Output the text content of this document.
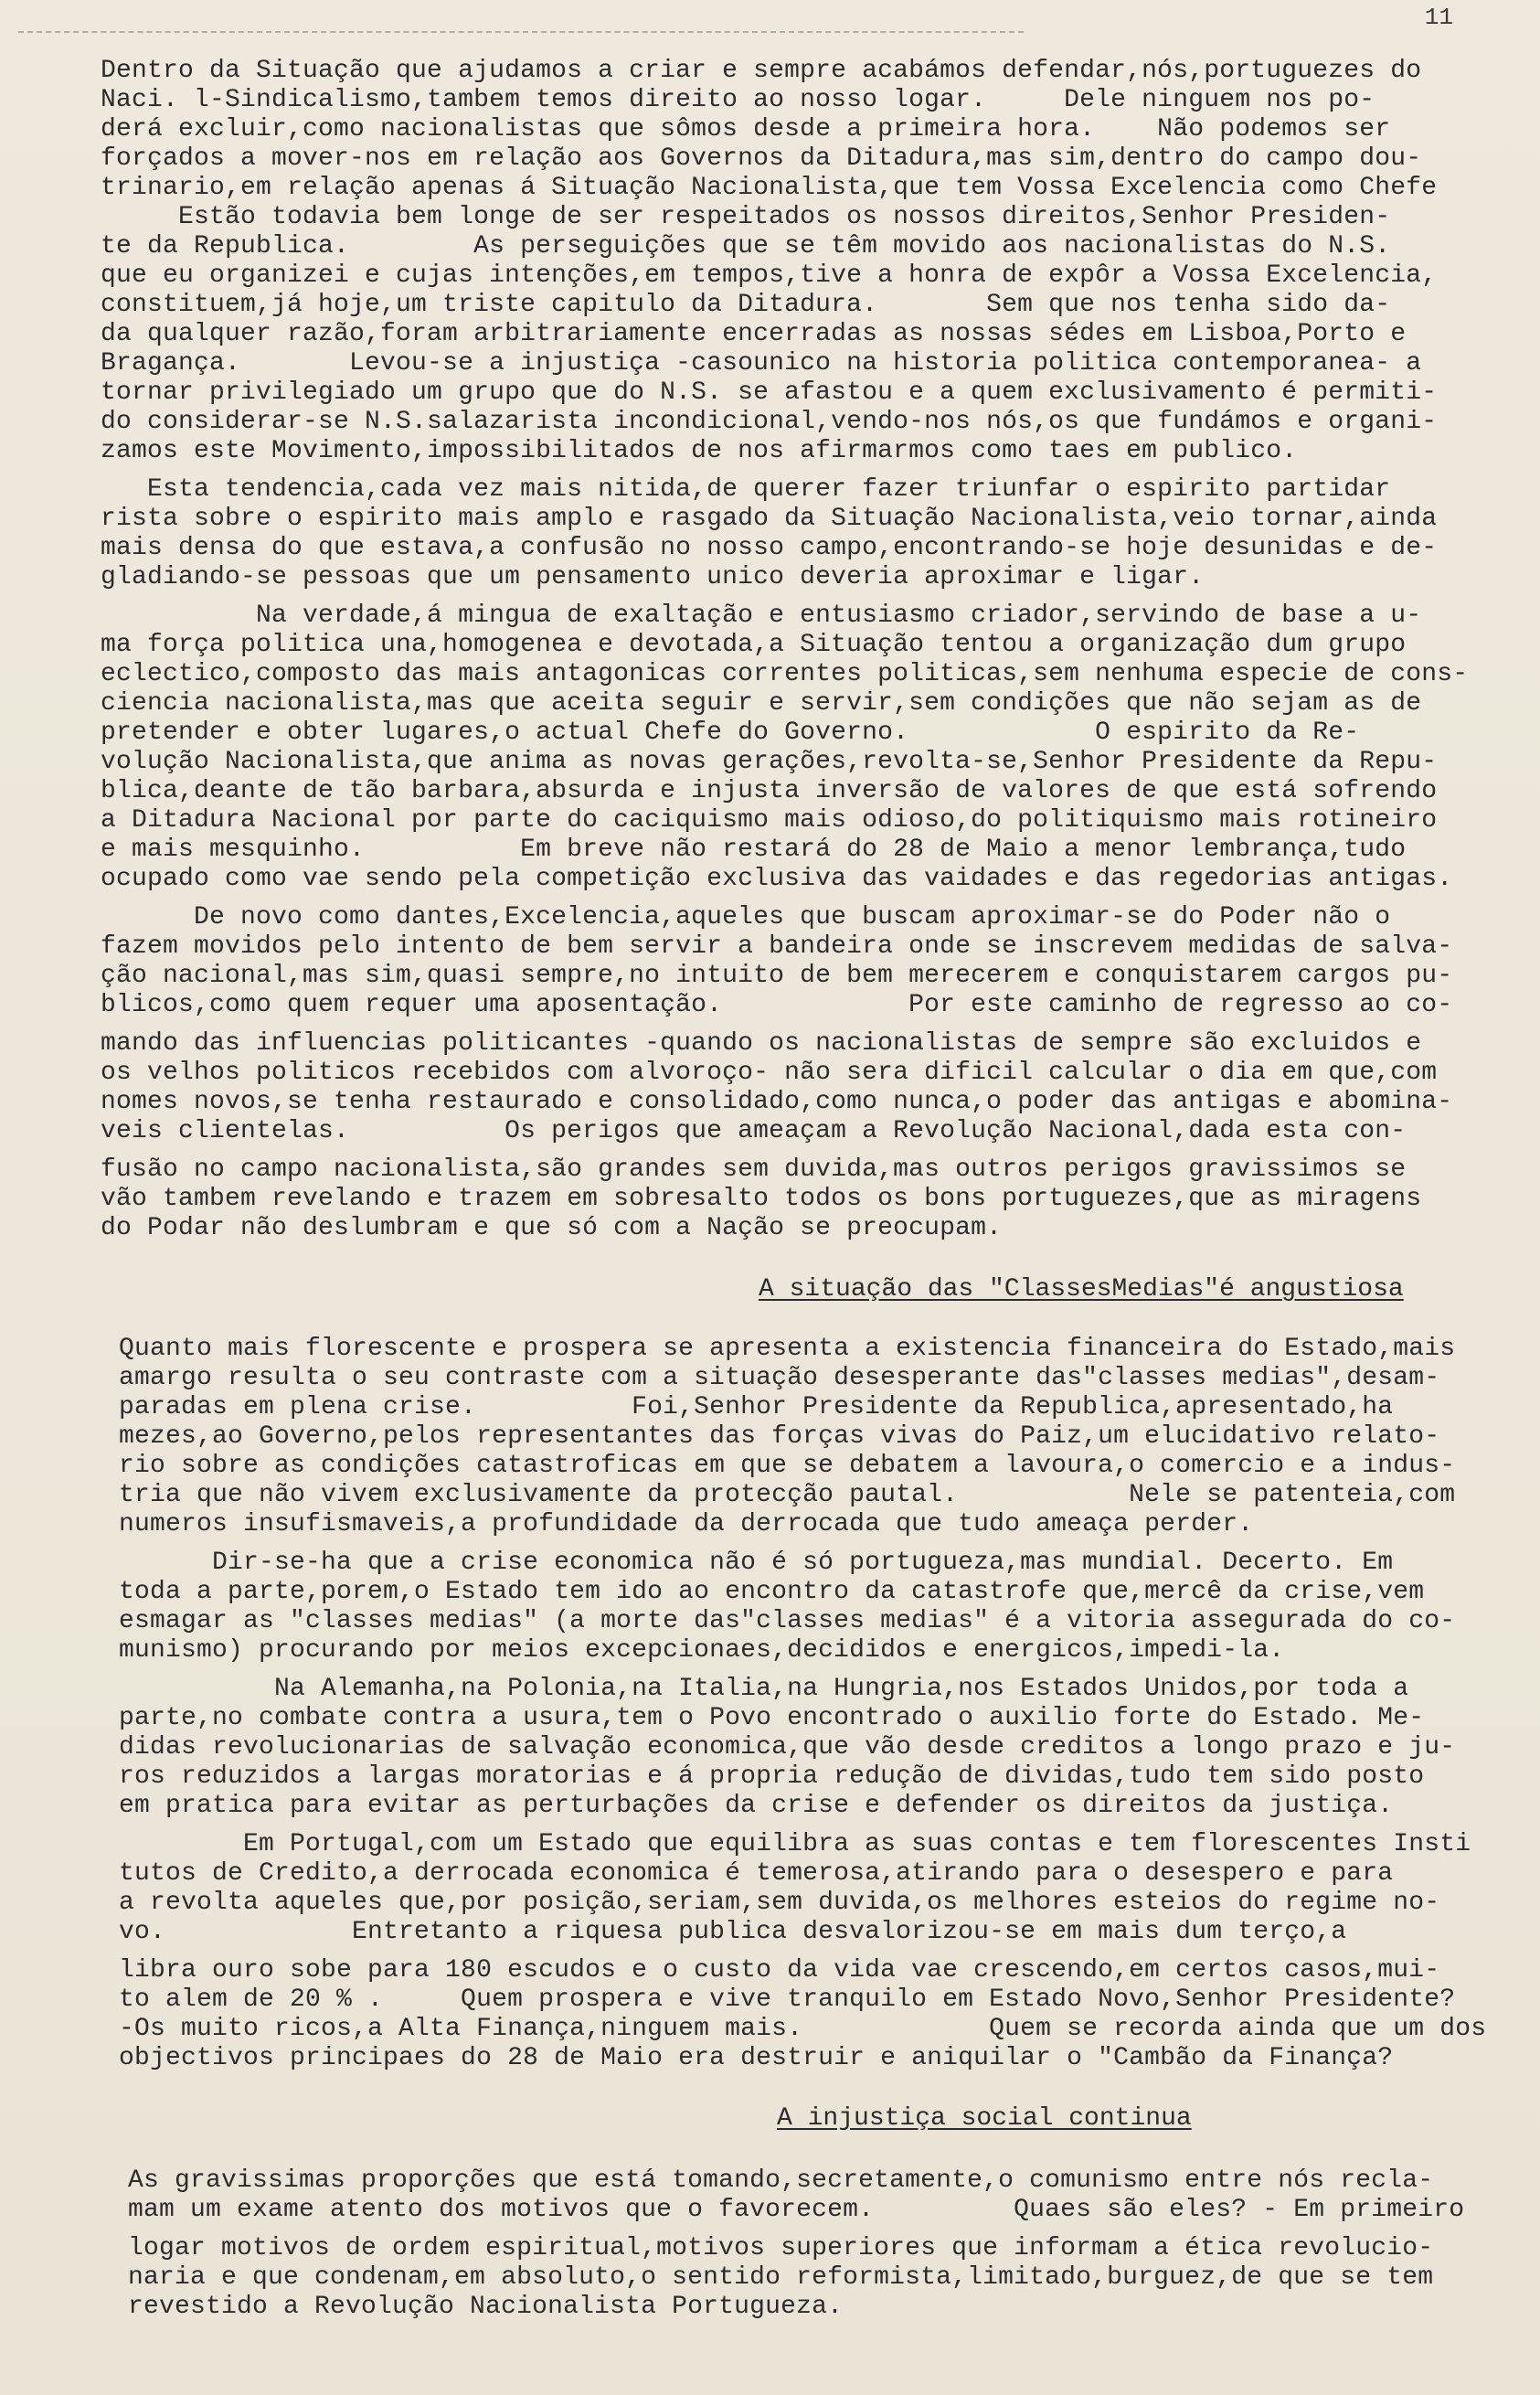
11
Dentro da Situação que ajudamos a criar e sempre acabámos defendar,nós,portuguezes do
Naci. l-Sindicalismo,tambem temos direito ao nosso logar.     Dele ninguem nos po-
derá excluir,como nacionalistas que sômos desde a primeira hora.    Não podemos ser
forçados a mover-nos em relação aos Governos da Ditadura,mas sim,dentro do campo dou-
trinario,em relação apenas á Situação Nacionalista,que tem Vossa Excelencia como Chefe
Estão todavia bem longe de ser respeitados os nossos direitos,Senhor Presiden-
te da Republica.        As perseguições que se têm movido aos nacionalistas do N.S.
que eu organizei e cujas intenções,em tempos,tive a honra de expôr a Vossa Excelencia,
constituem,já hoje,um triste capitulo da Ditadura.       Sem que nos tenha sido da-
da qualquer razão,foram arbitrariamente encerradas as nossas sédes em Lisboa,Porto e
Bragança.       Levou-se a injustiça -casounico na historia politica contemporanea- a
tornar privilegiado um grupo que do N.S. se afastou e a quem exclusivamento é permiti-
do considerar-se N.S.salazarista incondicional,vendo-nos nós,os que fundámos e organi-
zamos este Movimento,impossibilitados de nos afirmarmos como taes em publico.
Esta tendencia,cada vez mais nitida,de querer fazer triunfar o espirito partidar
rista sobre o espirito mais amplo e rasgado da Situação Nacionalista,veio tornar,ainda
mais densa do que estava,a confusão no nosso campo,encontrando-se hoje desunidas e de-
gladiando-se pessoas que um pensamento unico deveria aproximar e ligar.
Na verdade,á mingua de exaltação e entusiasmo criador,servindo de base a u-
ma força politica una,homogenea e devotada,a Situação tentou a organização dum grupo
eclectico,composto das mais antagonicas correntes politicas,sem nenhuma especie de cons-
ciencia nacionalista,mas que aceita seguir e servir,sem condições que não sejam as de
pretender e obter lugares,o actual Chefe do Governo.            O espirito da Re-
volução Nacionalista,que anima as novas gerações,revolta-se,Senhor Presidente da Repu-
blica,deante de tão barbara,absurda e injusta inversão de valores de que está sofrendo
a Ditadura Nacional por parte do caciquismo mais odioso,do politiquismo mais rotineiro
e mais mesquinho.          Em breve não restará do 28 de Maio a menor lembrança,tudo
ocupado como vae sendo pela competição exclusiva das vaidades e das regedorias antigas.
De novo como dantes,Excelencia,aqueles que buscam aproximar-se do Poder não o
fazem movidos pelo intento de bem servir a bandeira onde se inscrevem medidas de salva-
ção nacional,mas sim,quasi sempre,no intuito de bem merecerem e conquistarem cargos pu-
blicos,como quem requer uma aposentação.            Por este caminho de regresso ao co-
mando das influencias politicantes -quando os nacionalistas de sempre são excluidos e
os velhos politicos recebidos com alvoroço- não sera dificil calcular o dia em que,com
nomes novos,se tenha restaurado e consolidado,como nunca,o poder das antigas e abomina-
veis clientelas.          Os perigos que ameaçam a Revolução Nacional,dada esta con-
fusão no campo nacionalista,são grandes sem duvida,mas outros perigos gravissimos se
vão tambem revelando e trazem em sobresalto todos os bons portuguezes,que as miragens
do Podar não deslumbram e que só com a Nação se preocupam.
A situação das "ClassesMedias"é angustiosa
Quanto mais florescente e prospera se apresenta a existencia financeira do Estado,mais
amargo resulta o seu contraste com a situação desesperante das"classes medias",desam-
paradas em plena crise.          Foi,Senhor Presidente da Republica,apresentado,ha
mezes,ao Governo,pelos representantes das forças vivas do Paiz,um elucidativo relato-
rio sobre as condições catastroficas em que se debatem a lavoura,o comercio e a indus-
tria que não vivem exclusivamente da protecção pautal.           Nele se patenteia,com
numeros insufismaveis,a profundidade da derrocada que tudo ameaça perder.
Dir-se-ha que a crise economica não é só portugueza,mas mundial. Decerto. Em
toda a parte,porem,o Estado tem ido ao encontro da catastrofe que,mercê da crise,vem
esmagar as "classes medias" (a morte das"classes medias" é a vitoria assegurada do co-
munismo) procurando por meios excepcionaes,decididos e energicos,impedi-la.
Na Alemanha,na Polonia,na Italia,na Hungria,nos Estados Unidos,por toda a
parte,no combate contra a usura,tem o Povo encontrado o auxilio forte do Estado. Me-
didas revolucionarias de salvação economica,que vão desde creditos a longo prazo e ju-
ros reduzidos a largas moratorias e á propria redução de dividas,tudo tem sido posto
em pratica para evitar as perturbações da crise e defender os direitos da justiça.
Em Portugal,com um Estado que equilibra as suas contas e tem florescentes Insti
tutos de Credito,a derrocada economica é temerosa,atirando para o desespero e para
a revolta aqueles que,por posição,seriam,sem duvida,os melhores esteios do regime no-
vo.            Entretanto a riquesa publica desvalorizou-se em mais dum terço,a
libra ouro sobe para 180 escudos e o custo da vida vae crescendo,em certos casos,mui-
to alem de 20 % .     Quem prospera e vive tranquilo em Estado Novo,Senhor Presidente?
-Os muito ricos,a Alta Finança,ninguem mais.            Quem se recorda ainda que um dos
objectivos principaes do 28 de Maio era destruir e aniquilar o "Cambão da Finança?
A injustiça social continua
As gravissimas proporções que está tomando,secretamente,o comunismo entre nós recla-
mam um exame atento dos motivos que o favorecem.         Quaes são eles? - Em primeiro
logar motivos de ordem espiritual,motivos superiores que informam a ética revolucio-
naria e que condenam,em absoluto,o sentido reformista,limitado,burguez,de que se tem
revestido a Revolução Nacionalista Portugueza.
